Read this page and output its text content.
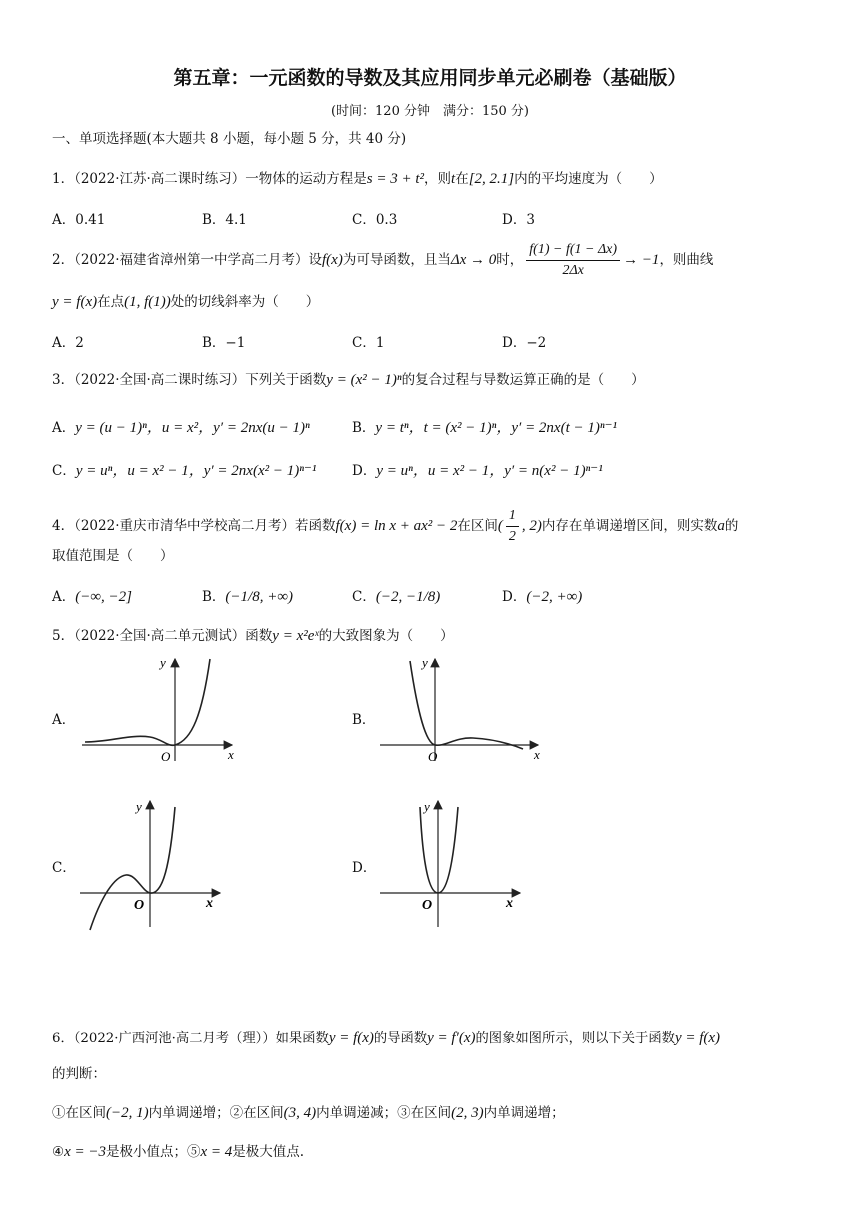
第五章：一元函数的导数及其应用同步单元必刷卷（基础版）
(时间：120 分钟　满分：150 分)
一、单项选择题(本大题共 8 小题，每小题 5 分，共 40 分)
1．（2022·江苏·高二课时练习）一物体的运动方程是s = 3 + t²，则t在[2, 2.1]内的平均速度为（　　）
A．0.41	B．4.1	C．0.3	D．3
2．（2022·福建省漳州第一中学高二月考）设f(x)为可导函数，且当Δx → 0时， $\frac{f(1) - f(1 - \Delta x)}{2\Delta x} \to -1$，则曲线
y = f(x)在点(1, f(1))处的切线斜率为（　　）
A．2	B．−1	C．1	D．−2
3．（2022·全国·高二课时练习）下列关于函数y = (x² − 1)ⁿ的复合过程与导数运算正确的是（　　）
A．y = (u − 1)ⁿ，u = x²，y′ = 2nx(u − 1)ⁿ	B．y = tⁿ，t = (x² − 1)ⁿ，y′ = 2nx(t − 1)ⁿ⁻¹
C．y = uⁿ，u = x² − 1，y′ = 2nx(x² − 1)ⁿ⁻¹	D．y = uⁿ，u = x² − 1，y′ = n(x² − 1)ⁿ⁻¹
4．（2022·重庆市清华中学校高二月考）若函数f(x) = ln x + ax² − 2在区间( $\frac{1}{2}$ , 2)内存在单调递增区间，则实数a的
取值范围是（　　）
A．(−∞, −2]	B．(−1/8, +∞)	C．(−2, −1/8)	D．(−2, +∞)
5．（2022·全国·高二单元测试）函数y = x²eˣ的大致图象为（　　）
A．
x
y
O
B．
x
y
O
C．
x
y
O
D．
x
y
O
6．（2022·广西河池·高二月考（理））如果函数y = f(x)的导函数y = f′(x)的图象如图所示，则以下关于函数y = f(x)
的判断：
①在区间(−2, 1)内单调递增；②在区间(3, 4)内单调递减；③在区间(2, 3)内单调递增；
④x = −3是极小值点；⑤x = 4是极大值点.
